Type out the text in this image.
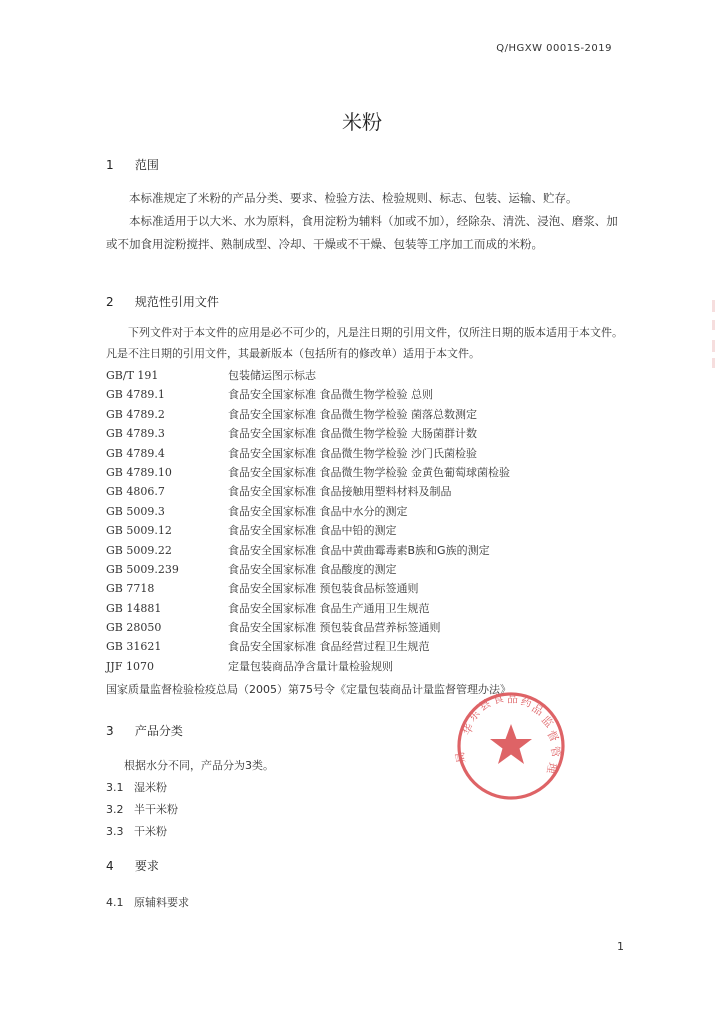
Q/HGXW 0001S-2019
米粉
1 范围
本标准规定了米粉的产品分类、要求、检验方法、检验规则、标志、包装、运输、贮存。
本标准适用于以大米、水为原料，食用淀粉为辅料（加或不加），经除杂、清洗、浸泡、磨浆、加或不加食用淀粉搅拌、熟制成型、冷却、干燥或不干燥、包装等工序加工而成的米粉。
2 规范性引用文件
下列文件对于本文件的应用是必不可少的，凡是注日期的引用文件，仅所注日期的版本适用于本文件。凡是不注日期的引用文件，其最新版本（包括所有的修改单）适用于本文件。
GB/T 191	包装储运图示标志
GB 4789.1	食品安全国家标准 食品微生物学检验 总则
GB 4789.2	食品安全国家标准 食品微生物学检验 菌落总数测定
GB 4789.3	食品安全国家标准 食品微生物学检验 大肠菌群计数
GB 4789.4	食品安全国家标准 食品微生物学检验 沙门氏菌检验
GB 4789.10	食品安全国家标准 食品微生物学检验 金黄色葡萄球菌检验
GB 4806.7	食品安全国家标准 食品接触用塑料材料及制品
GB 5009.3	食品安全国家标准 食品中水分的测定
GB 5009.12	食品安全国家标准 食品中铅的测定
GB 5009.22	食品安全国家标准 食品中黄曲霉毒素B族和G族的测定
GB 5009.239	食品安全国家标准 食品酸度的测定
GB 7718	食品安全国家标准 预包装食品标签通则
GB 14881	食品安全国家标准 食品生产通用卫生规范
GB 28050	食品安全国家标准 预包装食品营养标签通则
GB 31621	食品安全国家标准 食品经营过程卫生规范
JJF 1070	定量包装商品净含量计量检验规则
国家质量监督检验检疫总局（2005）第75号令《定量包装商品计量监督管理办法》
3 产品分类
根据水分不同，产品分为3类。
3.1 湿米粉
3.2 半干米粉
3.3 干米粉
4 要求
4.1 原辅料要求
1
华
东
县
食 品 药
品
监
督
管
理
局
